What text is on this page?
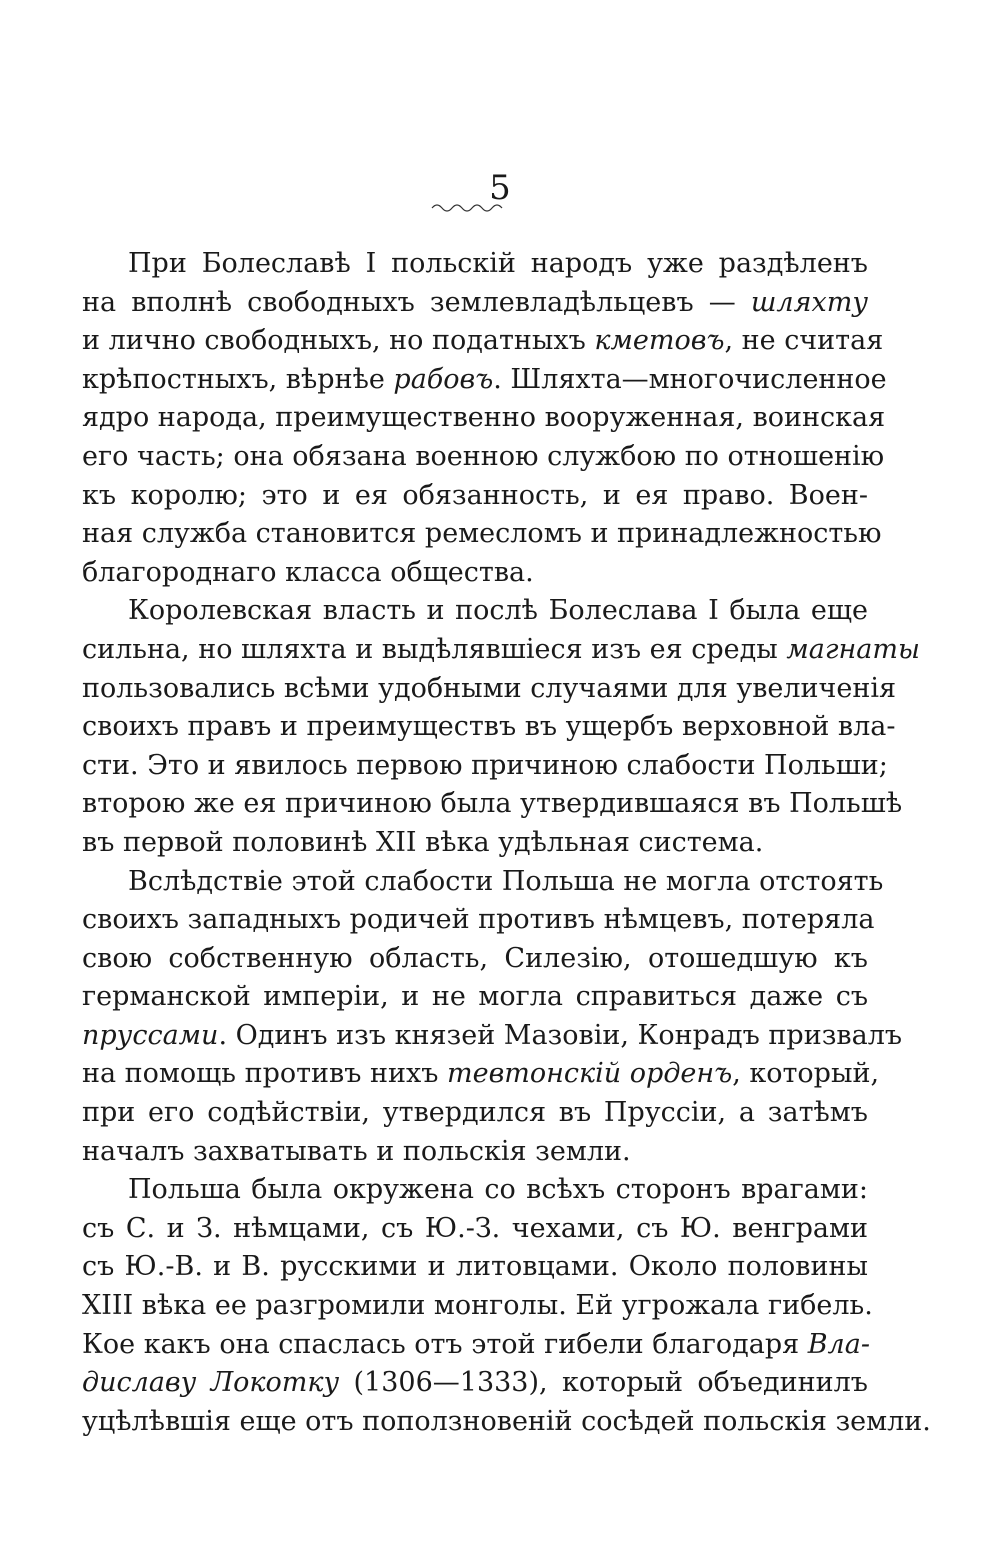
5
При Болеславѣ I польскій народъ уже раздѣленъ
на вполнѣ свободныхъ землевладѣльцевъ — шляхту
и лично свободныхъ, но податныхъ кметовъ, не считая
крѣпостныхъ, вѣрнѣе рабовъ. Шляхта—многочисленное
ядро народа, преимущественно вооруженная, воинская
его часть; она обязана военною службою по отношенію
къ королю; это и ея обязанность, и ея право. Воен-
ная служба становится ремесломъ и принадлежностью
благороднаго класса общества.
Королевская власть и послѣ Болеслава I была еще
сильна, но шляхта и выдѣлявшіеся изъ ея среды магнаты
пользовались всѣми удобными случаями для увеличенія
своихъ правъ и преимуществъ въ ущербъ верховной вла-
сти. Это и явилось первою причиною слабости Польши;
второю же ея причиною была утвердившаяся въ Польшѣ
въ первой половинѣ XII вѣка удѣльная система.
Вслѣдствіе этой слабости Польша не могла отстоять
своихъ западныхъ родичей противъ нѣмцевъ, потеряла
свою собственную область, Силезію, отошедшую къ
германской имперіи, и не могла справиться даже съ
пруссами. Одинъ изъ князей Мазовіи, Конрадъ призвалъ
на помощь противъ нихъ тевтонскій орденъ, который,
при его содѣйствіи, утвердился въ Пруссіи, а затѣмъ
началъ захватывать и польскія земли.
Польша была окружена со всѣхъ сторонъ врагами:
съ С. и З. нѣмцами, съ Ю.-З. чехами, съ Ю. венграми
съ Ю.-В. и В. русскими и литовцами. Около половины
XIII вѣка ее разгромили монголы. Ей угрожала гибель.
Кое какъ она спаслась отъ этой гибели благодаря Вла-
диславу Локотку (1306—1333), который объединилъ
уцѣлѣвшія еще отъ поползновеній сосѣдей польскія земли.
